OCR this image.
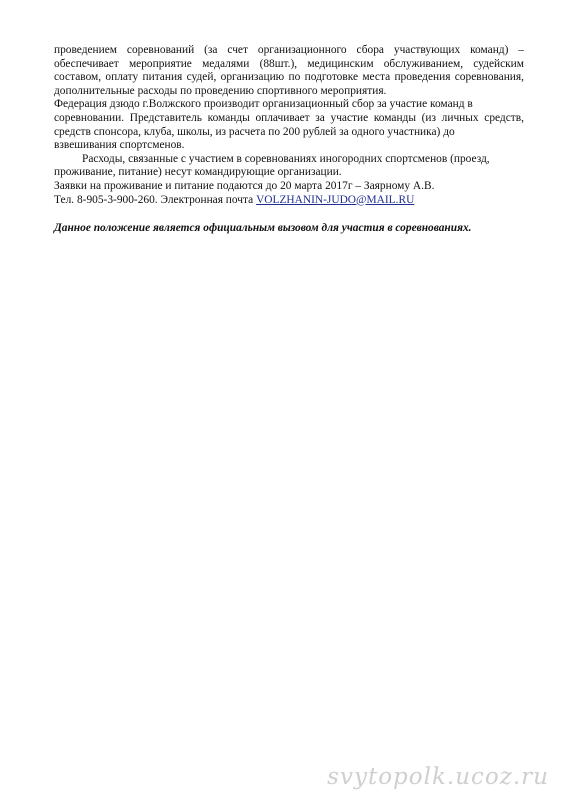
проведением соревнований (за счет организационного сбора участвующих команд) –
обеспечивает мероприятие медалями (88шт.), медицинским обслуживанием, судейским
составом, оплату питания судей, организацию по подготовке места проведения соревнования,
дополнительные расходы по проведению спортивного мероприятия.
Федерация дзюдо г.Волжского производит организационный сбор за участие команд в
соревновании. Представитель команды оплачивает за участие команды (из личных средств,
средств спонсора, клуба, школы, из расчета по 200 рублей за одного участника) до
взвешивания спортсменов.
Расходы, связанные с участием в соревнованиях иногородних спортсменов (проезд,
проживание, питание) несут командирующие организации.
Заявки на проживание и питание подаются до 20 марта 2017г – Заярному А.В.
Тел. 8-905-3-900-260. Электронная почта VOLZHANIN-JUDO@MAIL.RU
Данное положение является официальным вызовом для участия в соревнованиях.
svytopolk.ucoz.ru
